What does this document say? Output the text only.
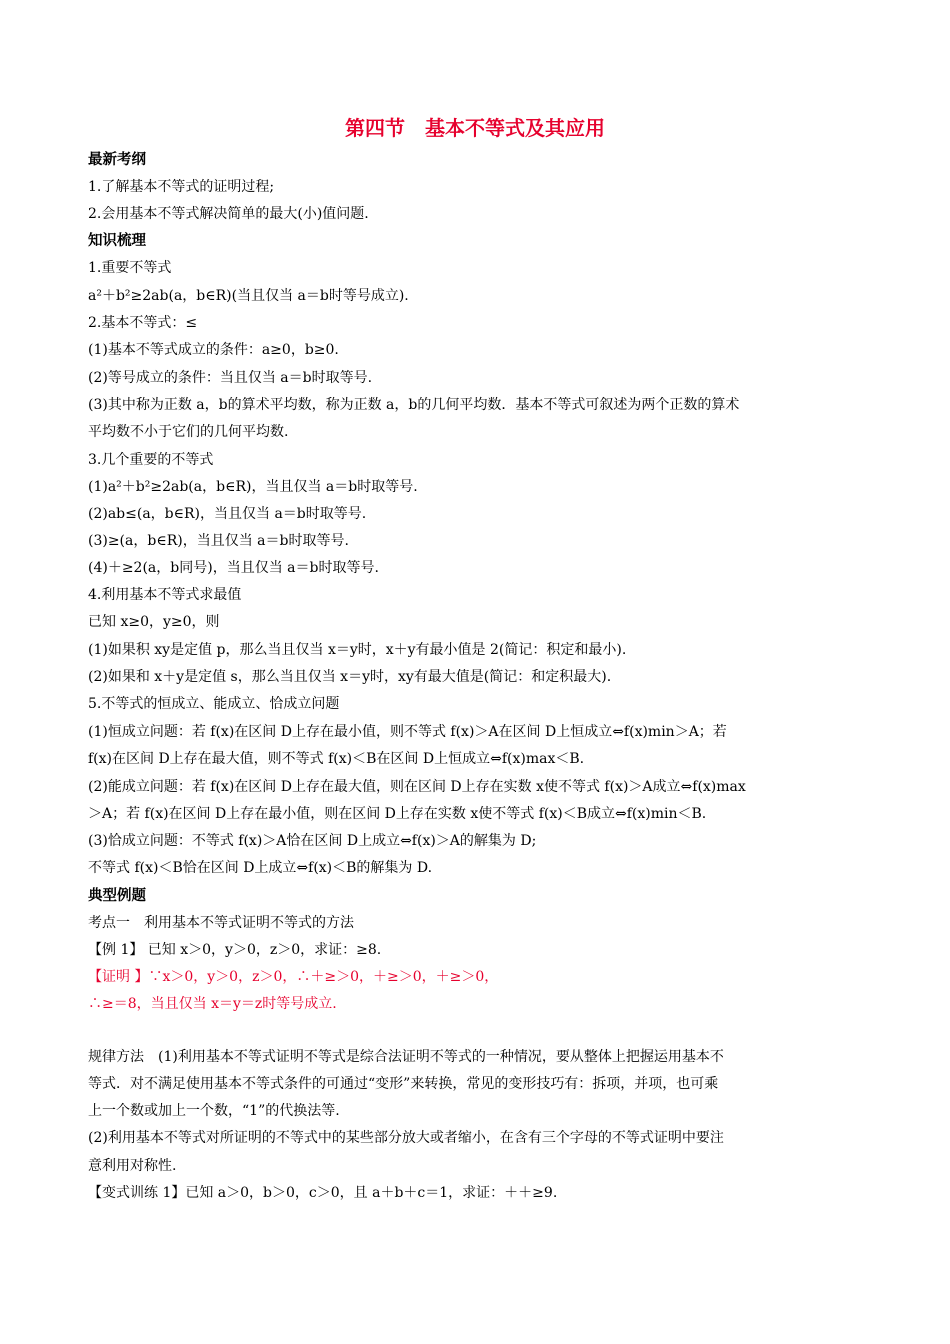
第四节　基本不等式及其应用
最新考纲
1.了解基本不等式的证明过程;
2.会用基本不等式解决简单的最大(小)值问题.
知识梳理
1.重要不等式
a²＋b²≥2ab(a，b∈R)(当且仅当 a＝b时等号成立).
2.基本不等式：≤
(1)基本不等式成立的条件：a≥0，b≥0.
(2)等号成立的条件：当且仅当 a＝b时取等号.
(3)其中称为正数 a，b的算术平均数，称为正数 a，b的几何平均数．基本不等式可叙述为两个正数的算术
平均数不小于它们的几何平均数.
3.几个重要的不等式
(1)a²＋b²≥2ab(a，b∈R)，当且仅当 a＝b时取等号.
(2)ab≤(a，b∈R)，当且仅当 a＝b时取等号.
(3)≥(a，b∈R)，当且仅当 a＝b时取等号.
(4)＋≥2(a，b同号)，当且仅当 a＝b时取等号.
4.利用基本不等式求最值
已知 x≥0，y≥0，则
(1)如果积 xy是定值 p，那么当且仅当 x＝y时，x＋y有最小值是 2(简记：积定和最小).
(2)如果和 x＋y是定值 s，那么当且仅当 x＝y时，xy有最大值是(简记：和定积最大).
5.不等式的恒成立、能成立、恰成立问题
(1)恒成立问题：若 f(x)在区间 D上存在最小值，则不等式 f(x)＞A在区间 D上恒成立⇔f(x)min＞A；若
f(x)在区间 D上存在最大值，则不等式 f(x)＜B在区间 D上恒成立⇔f(x)max＜B.
(2)能成立问题：若 f(x)在区间 D上存在最大值，则在区间 D上存在实数 x使不等式 f(x)＞A成立⇔f(x)max
＞A；若 f(x)在区间 D上存在最小值，则在区间 D上存在实数 x使不等式 f(x)＜B成立⇔f(x)min＜B.
(3)恰成立问题：不等式 f(x)＞A恰在区间 D上成立⇔f(x)＞A的解集为 D;
不等式 f(x)＜B恰在区间 D上成立⇔f(x)＜B的解集为 D.
典型例题
考点一　利用基本不等式证明不等式的方法
【例 1】 已知 x＞0，y＞0，z＞0，求证：≥8.
【证明 】∵x＞0，y＞0，z＞0，∴＋≥＞0，＋≥＞0，＋≥＞0，
∴≥＝8，当且仅当 x＝y＝z时等号成立.
规律方法　(1)利用基本不等式证明不等式是综合法证明不等式的一种情况，要从整体上把握运用基本不
等式．对不满足使用基本不等式条件的可通过“变形”来转换，常见的变形技巧有：拆项，并项，也可乘
上一个数或加上一个数，“1”的代换法等.
(2)利用基本不等式对所证明的不等式中的某些部分放大或者缩小，在含有三个字母的不等式证明中要注
意利用对称性.
【变式训练 1】已知 a＞0，b＞0，c＞0，且 a＋b＋c＝1，求证：＋＋≥9.
